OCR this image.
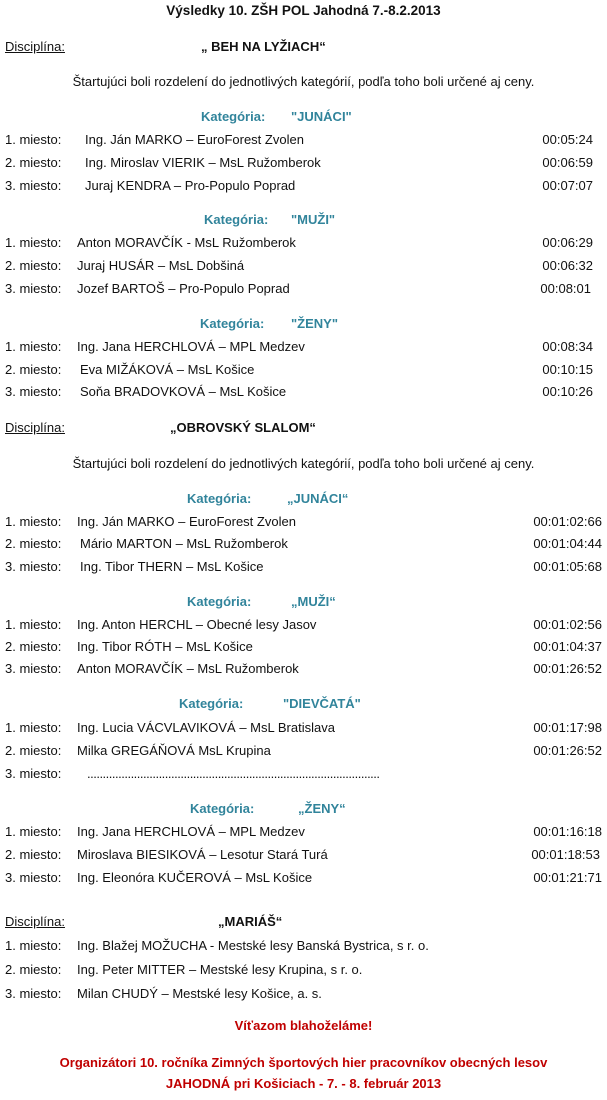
Výsledky 10. ZŠH POL Jahodná 7.-8.2.2013
Disciplína:	„ BEH NA LYŽIACH“
Štartujúci boli rozdelení do jednotlivých kategórií, podľa toho boli určené aj ceny.
Kategória: "JUNÁCI"
1. miesto: Ing. Ján MARKO – EuroForest Zvolen	00:05:24
2. miesto: Ing. Miroslav VIERIK – MsL Ružomberok	00:06:59
3. miesto: Juraj KENDRA – Pro-Populo Poprad	00:07:07
Kategória: "MUŽI"
1. miesto: Anton MORAVČÍK - MsL Ružomberok	00:06:29
2. miesto: Juraj HUSÁR – MsL Dobšiná	00:06:32
3. miesto: Jozef BARTOŠ – Pro-Populo Poprad	00:08:01
Kategória: "ŽENY"
1. miesto: Ing. Jana HERCHLOVÁ – MPL Medzev	00:08:34
2. miesto: Eva MIŽÁKOVÁ – MsL Košice	00:10:15
3. miesto: Soňa BRADOVKOVÁ – MsL Košice	00:10:26
Disciplína:	„OBROVSKÝ SLALOM“
Štartujúci boli rozdelení do jednotlivých kategórií, podľa toho boli určené aj ceny.
Kategória:	„JUNÁCI“
1. miesto: Ing. Ján MARKO – EuroForest Zvolen	00:01:02:66
2. miesto: Mário MARTON – MsL Ružomberok	00:01:04:44
3. miesto: Ing. Tibor THERN – MsL Košice	00:01:05:68
Kategória:	„MUŽI“
1. miesto: Ing. Anton HERCHL – Obecné lesy Jasov	00:01:02:56
2. miesto: Ing. Tibor RÓTH – MsL Košice	00:01:04:37
3. miesto: Anton MORAVČÍK – MsL Ružomberok	00:01:26:52
Kategória:	"DIEVČATÁ"
1. miesto: Ing. Lucia VÁCVLAVIKOVÁ – MsL Bratislava	00:01:17:98
2. miesto: Milka GREGÁŇOVÁ MsL Krupina	00:01:26:52
3. miesto: ..............................................................................................
Kategória:	„ŽENY“
1. miesto: Ing. Jana HERCHLOVÁ – MPL Medzev	00:01:16:18
2. miesto: Miroslava BIESIKOVÁ – Lesotur Stará Turá	00:01:18:53
3. miesto: Ing. Eleonóra KUČEROVÁ – MsL Košice	00:01:21:71
Disciplína:	„MARIÁŠ“
1. miesto: Ing. Blažej MOŽUCHA - Mestské lesy Banská Bystrica, s r. o.
2. miesto: Ing. Peter MITTER – Mestské lesy Krupina, s r. o.
3. miesto: Milan CHUDÝ – Mestské lesy Košice, a. s.
Víťazom blahoželáme!
Organizátori 10. ročníka Zimných športových hier pracovníkov obecných lesov
JAHODNÁ pri Košiciach - 7. - 8. február 2013
